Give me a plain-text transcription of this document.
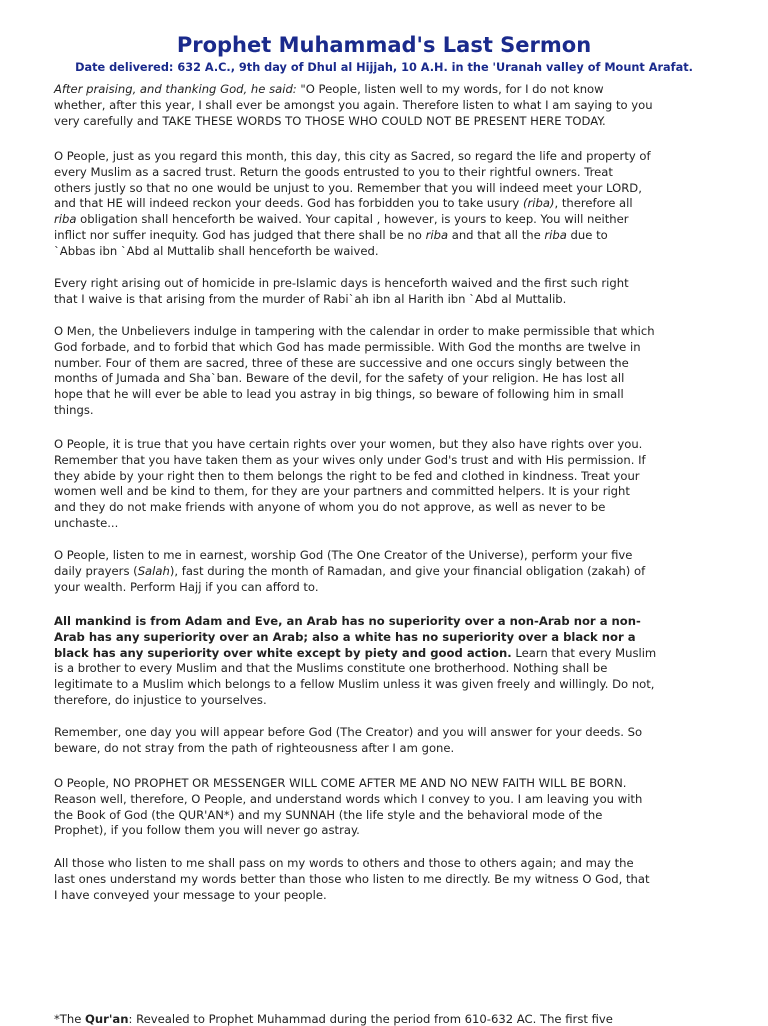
Prophet Muhammad's Last Sermon
Date delivered: 632 A.C., 9th day of Dhul al Hijjah, 10 A.H. in the 'Uranah valley of Mount Arafat.
After praising, and thanking God, he said: "O People, listen well to my words, for I do not know
whether, after this year, I shall ever be amongst you again. Therefore listen to what I am saying to you
very carefully and TAKE THESE WORDS TO THOSE WHO COULD NOT BE PRESENT HERE TODAY.
O People, just as you regard this month, this day, this city as Sacred, so regard the life and property of
every Muslim as a sacred trust. Return the goods entrusted to you to their rightful owners. Treat
others justly so that no one would be unjust to you. Remember that you will indeed meet your LORD,
and that HE will indeed reckon your deeds. God has forbidden you to take usury (riba), therefore all
riba obligation shall henceforth be waived. Your capital , however, is yours to keep. You will neither
inflict nor suffer inequity. God has judged that there shall be no riba and that all the riba due to
`Abbas ibn `Abd al Muttalib shall henceforth be waived.
Every right arising out of homicide in pre-Islamic days is henceforth waived and the first such right
that I waive is that arising from the murder of Rabi`ah ibn al Harith ibn `Abd al Muttalib.
O Men, the Unbelievers indulge in tampering with the calendar in order to make permissible that which
God forbade, and to forbid that which God has made permissible. With God the months are twelve in
number. Four of them are sacred, three of these are successive and one occurs singly between the
months of Jumada and Sha`ban. Beware of the devil, for the safety of your religion. He has lost all
hope that he will ever be able to lead you astray in big things, so beware of following him in small
things.
O People, it is true that you have certain rights over your women, but they also have rights over you.
Remember that you have taken them as your wives only under God's trust and with His permission. If
they abide by your right then to them belongs the right to be fed and clothed in kindness. Treat your
women well and be kind to them, for they are your partners and committed helpers. It is your right
and they do not make friends with anyone of whom you do not approve, as well as never to be
unchaste...
O People, listen to me in earnest, worship God (The One Creator of the Universe), perform your five
daily prayers (Salah), fast during the month of Ramadan, and give your financial obligation (zakah) of
your wealth. Perform Hajj if you can afford to.
All mankind is from Adam and Eve, an Arab has no superiority over a non-Arab nor a non-
Arab has any superiority over an Arab; also a white has no superiority over a black nor a
black has any superiority over white except by piety and good action. Learn that every Muslim
is a brother to every Muslim and that the Muslims constitute one brotherhood. Nothing shall be
legitimate to a Muslim which belongs to a fellow Muslim unless it was given freely and willingly. Do not,
therefore, do injustice to yourselves.
Remember, one day you will appear before God (The Creator) and you will answer for your deeds. So
beware, do not stray from the path of righteousness after I am gone.
O People, NO PROPHET OR MESSENGER WILL COME AFTER ME AND NO NEW FAITH WILL BE BORN.
Reason well, therefore, O People, and understand words which I convey to you. I am leaving you with
the Book of God (the QUR'AN*) and my SUNNAH (the life style and the behavioral mode of the
Prophet), if you follow them you will never go astray.
All those who listen to me shall pass on my words to others and those to others again; and may the
last ones understand my words better than those who listen to me directly. Be my witness O God, that
I have conveyed your message to your people.
*The Qur'an: Revealed to Prophet Muhammad during the period from 610-632 AC. The first five
